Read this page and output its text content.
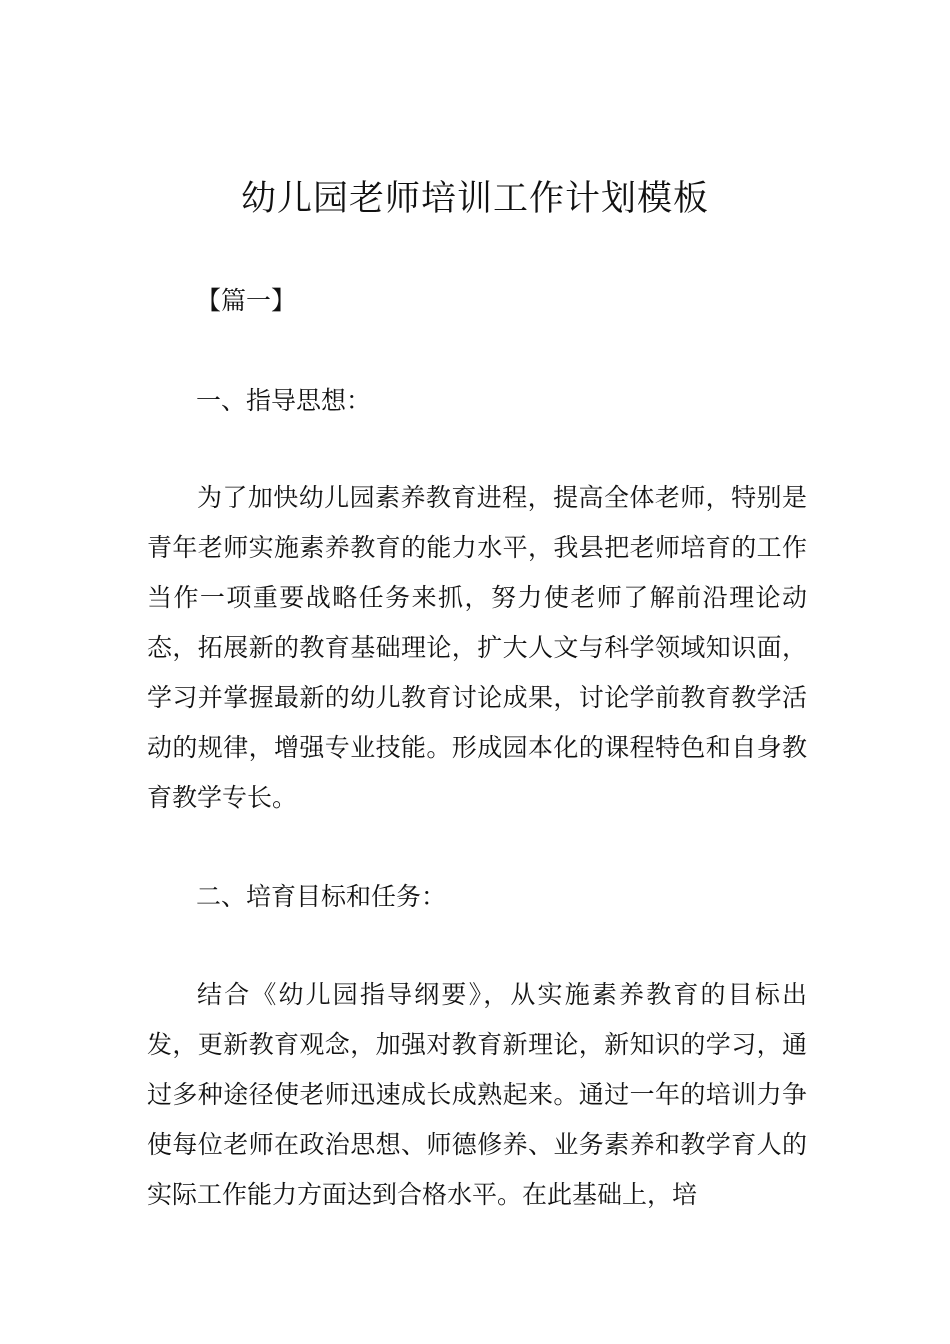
幼儿园老师培训工作计划模板

【篇一】

一、指导思想：

为了加快幼儿园素养教育进程，提高全体老师，特别是青年老师实施素养教育的能力水平，我县把老师培育的工作当作一项重要战略任务来抓，努力使老师了解前沿理论动态，拓展新的教育基础理论，扩大人文与科学领域知识面，学习并掌握最新的幼儿教育讨论成果，讨论学前教育教学活动的规律，增强专业技能。形成园本化的课程特色和自身教育教学专长。

二、培育目标和任务：

结合《幼儿园指导纲要》，从实施素养教育的目标出发，更新教育观念，加强对教育新理论，新知识的学习，通过多种途径使老师迅速成长成熟起来。通过一年的培训力争使每位老师在政治思想、师德修养、业务素养和教学育人的实际工作能力方面达到合格水平。在此基础上，培
